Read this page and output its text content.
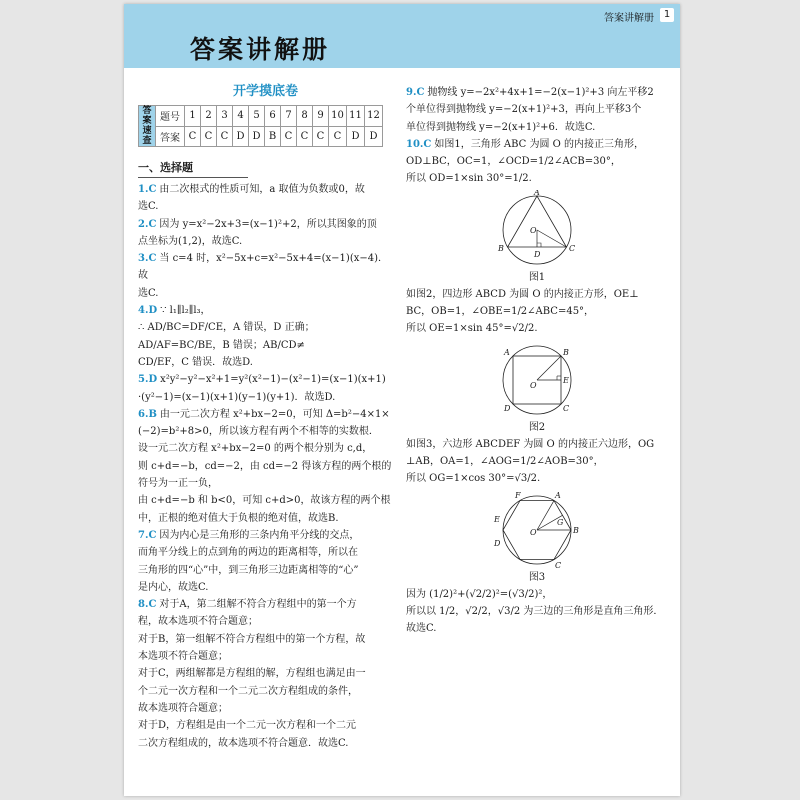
答案讲解册
答案讲解册 1
开学摸底卷
答案速查	题号	1	2	3	4	5	6	7	8	9	10	11	12
	答案	C	C	C	D	D	B	C	C	C	C	D	D
一、选择题

1.C 由二次根式的性质可知，a 取值为负数或0，故

选C.

2.C 因为 y=x²−2x+3=(x−1)²+2，所以其图象的顶

点坐标为(1,2)，故选C.

3.C 当 c=4 时，x²−5x+c=x²−5x+4=(x−1)(x−4)．故

选C.

4.D ∵ l₁∥l₂∥l₃，

∴ AD/BC=DF/CE，A 错误，D 正确；AD/AF=BC/BE，B 错误；AB/CD≠

CD/EF，C 错误．故选D.

5.D x²y²−y²−x²+1=y²(x²−1)−(x²−1)=(x−1)(x+1)

·(y²−1)=(x−1)(x+1)(y−1)(y+1)．故选D.

6.B 由一元二次方程 x²+bx−2=0，可知 Δ=b²−4×1×

(−2)=b²+8>0，所以该方程有两个不相等的实数根．

设一元二次方程 x²+bx−2=0 的两个根分别为 c,d，

则 c+d=−b，cd=−2，由 cd=−2 得该方程的两个根的

符号为一正一负，

由 c+d=−b 和 b<0，可知 c+d>0，故该方程的两个根

中，正根的绝对值大于负根的绝对值，故选B.

7.C 因为内心是三角形的三条内角平分线的交点，

而角平分线上的点到角的两边的距离相等，所以在

三角形的四“心”中，到三角形三边距离相等的“心”

是内心，故选C.

8.C 对于A，第二组解不符合方程组中的第一个方

程，故本选项不符合题意；

对于B，第一组解不符合方程组中的第一个方程，故

本选项不符合题意；

对于C，两组解都是方程组的解，方程组也满足由一

个二元一次方程和一个二元二次方程组成的条件，

故本选项符合题意；

对于D，方程组是由一个二元一次方程和一个二元

二次方程组成的，故本选项不符合题意．故选C.

9.C 抛物线 y=−2x²+4x+1=−2(x−1)²+3 向左平移2

个单位得到抛物线 y=−2(x+1)²+3，再向上平移3个

单位得到抛物线 y=−2(x+1)²+6．故选C.

10.C 如图1，三角形 ABC 为圆 O 的内接正三角形，

OD⊥BC，OC=1，∠OCD=1/2∠ACB=30°，

所以 OD=1×sin 30°=1/2.

A
O
B
D
C
图1

如图2，四边形 ABCD 为圆 O 的内接正方形，OE⊥

BC，OB=1，∠OBE=1/2∠ABC=45°，

所以 OE=1×sin 45°=√2/2.

A	B
E
O
D	C
图2

如图3，六边形 ABCDEF 为圆 O 的内接正六边形，OG

⊥AB，OA=1，∠AOG=1/2∠AOB=30°，

所以 OG=1×cos 30°=√3/2.

F	A
E
O
G
B
D
C
图3

因为 (1/2)²+(√2/2)²=(√3/2)²，

所以以 1/2，√2/2，√3/2 为三边的三角形是直角三角形．

故选C.
